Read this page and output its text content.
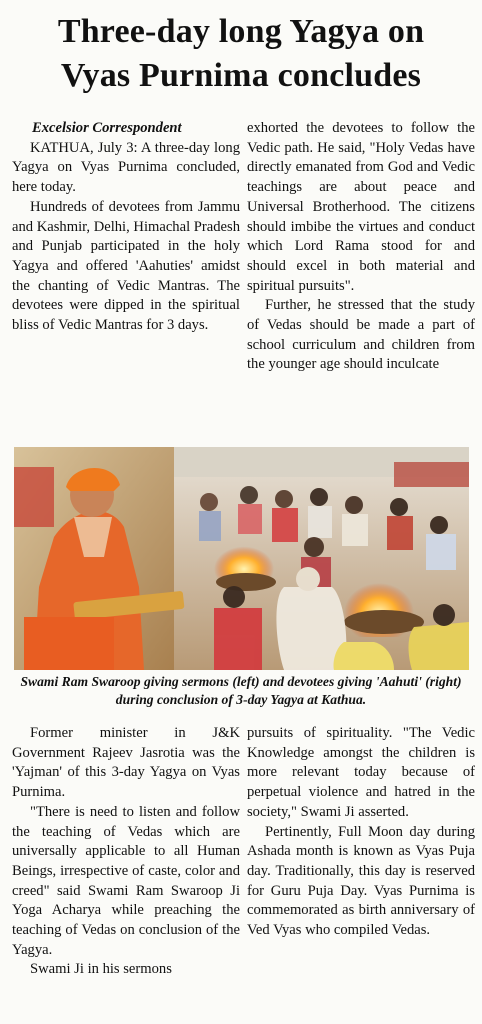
Three-day long Yagya on
Vyas Purnima concludes

Excelsior Correspondent

KATHUA, July 3: A three-day long Yagya on Vyas Purnima concluded, here today.

Hundreds of devotees from Jammu and Kashmir, Delhi, Himachal Pradesh and Punjab participated in the holy Yagya and offered 'Aahuties' amidst the chanting of Vedic Mantras. The devotees were dipped in the spiritual bliss of Vedic Mantras for 3 days.

exhorted the devotees to follow the Vedic path. He said, "Holy Vedas have directly emanated from God and Vedic teachings are about peace and Universal Brotherhood. The citizens should imbibe the virtues and conduct which Lord Rama stood for and should excel in both material and spiritual pursuits".

Further, he stressed that the study of Vedas should be made a part of school curriculum and children from the younger age should inculcate

Swami Ram Swaroop giving sermons (left) and devotees giving 'Aahuti' (right) during conclusion of 3-day Yagya at Kathua.

Former minister in J&K Government Rajeev Jasrotia was the 'Yajman' of this 3-day Yagya on Vyas Purnima.

"There is need to listen and follow the teaching of Vedas which are universally applicable to all Human Beings, irrespective of caste, color and creed" said Swami Ram Swaroop Ji Yoga Acharya while preaching the teaching of Vedas on conclusion of the Yagya.

Swami Ji in his sermons

pursuits of spirituality. "The Vedic Knowledge amongst the children is more relevant today because of perpetual violence and hatred in the society," Swami Ji asserted.

Pertinently, Full Moon day during Ashada month is known as Vyas Puja day. Traditionally, this day is reserved for Guru Puja Day. Vyas Purnima is commemorated as birth anniversary of Ved Vyas who compiled Vedas.
